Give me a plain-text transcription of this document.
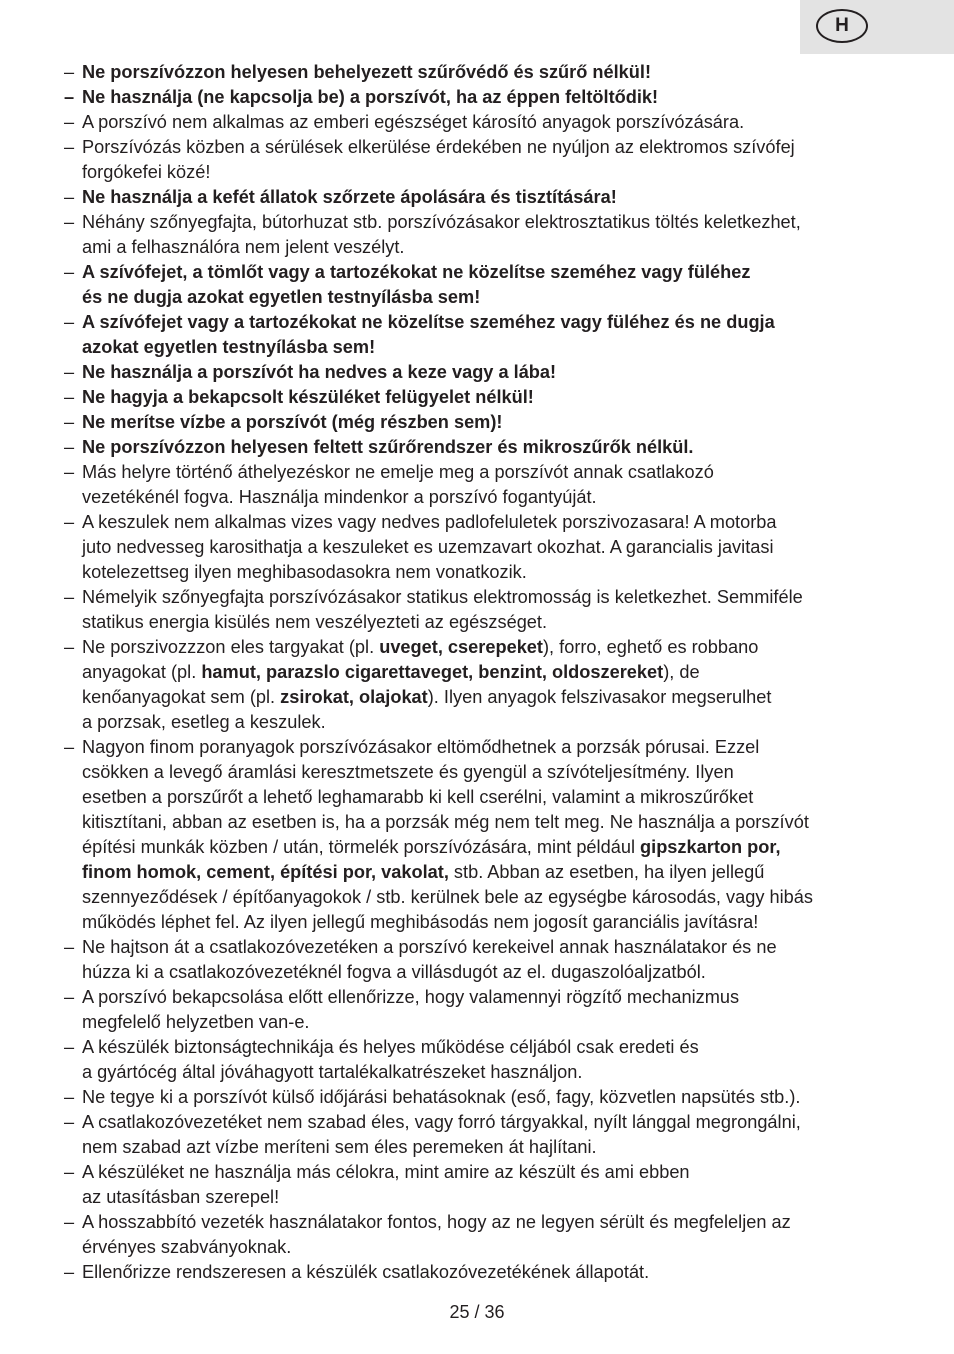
H
– Ne porszívózzon helyesen behelyezett szűrővédő és szűrő nélkül!
– Ne használja (ne kapcsolja be) a porszívót, ha az éppen feltöltődik!
– A porszívó nem alkalmas az emberi egészséget károsító anyagok porszívózására.
– Porszívózás közben a sérülések elkerülése érdekében ne nyúljon az elektromos szívófej
forgókefei közé!
– Ne használja a kefét állatok szőrzete ápolására és tisztítására!
– Néhány szőnyegfajta, bútorhuzat stb. porszívózásakor elektrosztatikus töltés keletkezhet,
ami a felhasználóra nem jelent veszélyt.
– A szívófejet, a tömlőt vagy a tartozékokat ne közelítse szeméhez vagy füléhez
és ne dugja azokat egyetlen testnyílásba sem!
– A szívófejet vagy a tartozékokat ne közelítse szeméhez vagy füléhez és ne dugja
azokat egyetlen testnyílásba sem!
– Ne használja a porszívót ha nedves a keze vagy a lába!
– Ne hagyja a bekapcsolt készüléket felügyelet nélkül!
– Ne merítse vízbe a porszívót (még részben sem)!
– Ne porszívózzon helyesen feltett szűrőrendszer és mikroszűrők nélkül.
– Más helyre történő áthelyezéskor ne emelje meg a porszívót annak csatlakozó
vezetékénél fogva. Használja mindenkor a porszívó fogantyúját.
– A keszulek nem alkalmas vizes vagy nedves padlofeluletek porszivozasara! A motorba
juto nedvesseg karosithatja a keszuleket es uzemzavart okozhat. A garancialis javitasi
kotelezettseg ilyen meghibasodasokra nem vonatkozik.
– Némelyik szőnyegfajta porszívózásakor statikus elektromosság is keletkezhet. Semmiféle
statikus energia kisülés nem veszélyezteti az egészséget.
– Ne porszivozzzon eles targyakat (pl. uveget, cserepeket), forro, eghető es robbano
anyagokat (pl. hamut, parazslo cigarettaveget, benzint, oldoszereket), de
kenőanyagokat sem (pl. zsirokat, olajokat). Ilyen anyagok felszivasakor megserulhet
a porzsak, esetleg a keszulek.
– Nagyon finom poranyagok porszívózásakor eltömődhetnek a porzsák pórusai. Ezzel
csökken a levegő áramlási keresztmetszete és gyengül a szívóteljesítmény. Ilyen
esetben a porszűrőt a lehető leghamarabb ki kell cserélni, valamint a mikroszűrőket
kitisztítani, abban az esetben is, ha a porzsák még nem telt meg. Ne használja a porszívót
építési munkák közben / után, törmelék porszívózására, mint például gipszkarton por,
finom homok, cement, építési por, vakolat, stb. Abban az esetben, ha ilyen jellegű
szennyeződések / építőanyagokok / stb. kerülnek bele az egységbe károsodás, vagy hibás
működés léphet fel. Az ilyen jellegű meghibásodás nem jogosít garanciális javításra!
– Ne hajtson át a csatlakozóvezetéken a porszívó kerekeivel annak használatakor és ne
húzza ki a csatlakozóvezetéknél fogva a villásdugót az el. dugaszolóaljzatból.
– A porszívó bekapcsolása előtt ellenőrizze, hogy valamennyi rögzítő mechanizmus
megfelelő helyzetben van-e.
– A készülék biztonságtechnikája és helyes működése céljából csak eredeti és
a gyártócég által jóváhagyott tartalékalkatrészeket használjon.
– Ne tegye ki a porszívót külső időjárási behatásoknak (eső, fagy, közvetlen napsütés stb.).
– A csatlakozóvezetéket nem szabad éles, vagy forró tárgyakkal, nyílt lánggal megrongálni,
nem szabad azt vízbe meríteni sem éles peremeken át hajlítani.
– A készüléket ne használja más célokra, mint amire az készült és ami ebben
az utasításban szerepel!
– A hosszabbító vezeték használatakor fontos, hogy az ne legyen sérült és megfeleljen az
érvényes szabványoknak.
– Ellenőrizze rendszeresen a készülék csatlakozóvezetékének állapotát.
25 / 36
